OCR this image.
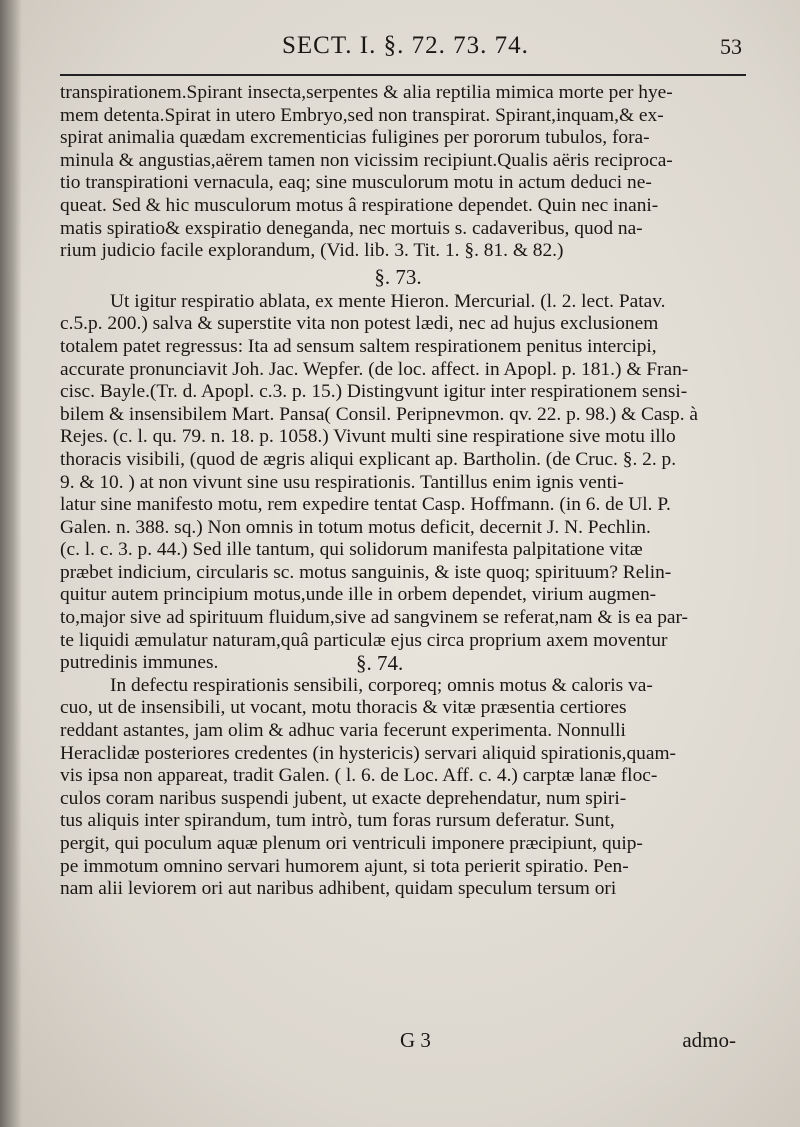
SECT. I. §. 72. 73. 74.	53
transpirationem.Spirant insecta,serpentes & alia reptilia mimica morte per hye-
mem detenta.Spirat in utero Embryo,sed non transpirat. Spirant,inquam,& ex-
spirat animalia quædam excrementicias fuligines per pororum tubulos, fora-
minula & angustias,aërem tamen non vicissim recipiunt.Qualis aëris reciproca-
tio transpirationi vernacula, eaq; sine musculorum motu in actum deduci ne-
queat. Sed & hic musculorum motus â respiratione dependet. Quin nec inani-
matis spiratio& exspiratio deneganda, nec mortuis s. cadaveribus, quod na-
rium judicio facile explorandum, (Vid. lib. 3. Tit. 1. §. 81. & 82.)
§. 73.
Ut igitur respiratio ablata, ex mente Hieron. Mercurial. (l. 2. lect. Patav.
c.5.p. 200.) salva & superstite vita non potest lædi, nec ad hujus exclusionem
totalem patet regressus: Ita ad sensum saltem respirationem penitus intercipi,
accurate pronunciavit Joh. Jac. Wepfer. (de loc. affect. in Apopl. p. 181.) & Fran-
cisc. Bayle.(Tr. d. Apopl. c.3. p. 15.) Distingvunt igitur inter respirationem sensi-
bilem & insensibilem Mart. Pansa( Consil. Peripnevmon. qv. 22. p. 98.) & Casp. à
Rejes. (c. l. qu. 79. n. 18. p. 1058.) Vivunt multi sine respiratione sive motu illo
thoracis visibili, (quod de ægris aliqui explicant ap. Bartholin. (de Cruc. §. 2. p.
9. & 10. ) at non vivunt sine usu respirationis. Tantillus enim ignis venti-
latur sine manifesto motu, rem expedire tentat Casp. Hoffmann. (in 6. de Ul. P.
Galen. n. 388. sq.) Non omnis in totum motus deficit, decernit J. N. Pechlin.
(c. l. c. 3. p. 44.) Sed ille tantum, qui solidorum manifesta palpitatione vitæ
præbet indicium, circularis sc. motus sanguinis, & iste quoq; spirituum? Relin-
quitur autem principium motus,unde ille in orbem dependet, virium augmen-
to,major sive ad spirituum fluidum,sive ad sangvinem se referat,nam & is ea par-
te liquidi æmulatur naturam,quâ particulæ ejus circa proprium axem moventur
putredinis immunes.	§. 74.
In defectu respirationis sensibili, corporeq; omnis motus & caloris va-
cuo, ut de insensibili, ut vocant, motu thoracis & vitæ præsentia certiores
reddant astantes, jam olim & adhuc varia fecerunt experimenta. Nonnulli
Heraclidæ posteriores credentes (in hystericis) servari aliquid spirationis,quam-
vis ipsa non appareat, tradit Galen. ( l. 6. de Loc. Aff. c. 4.) carptæ lanæ floc-
culos coram naribus suspendi jubent, ut exacte deprehendatur, num spiri-
tus aliquis inter spirandum, tum intrò, tum foras rursum deferatur. Sunt,
pergit, qui poculum aquæ plenum ori ventriculi imponere præcipiunt, quip-
pe immotum omnino servari humorem ajunt, si tota perierit spiratio. Pen-
nam alii leviorem ori aut naribus adhibent, quidam speculum tersum ori
G 3	admo-
